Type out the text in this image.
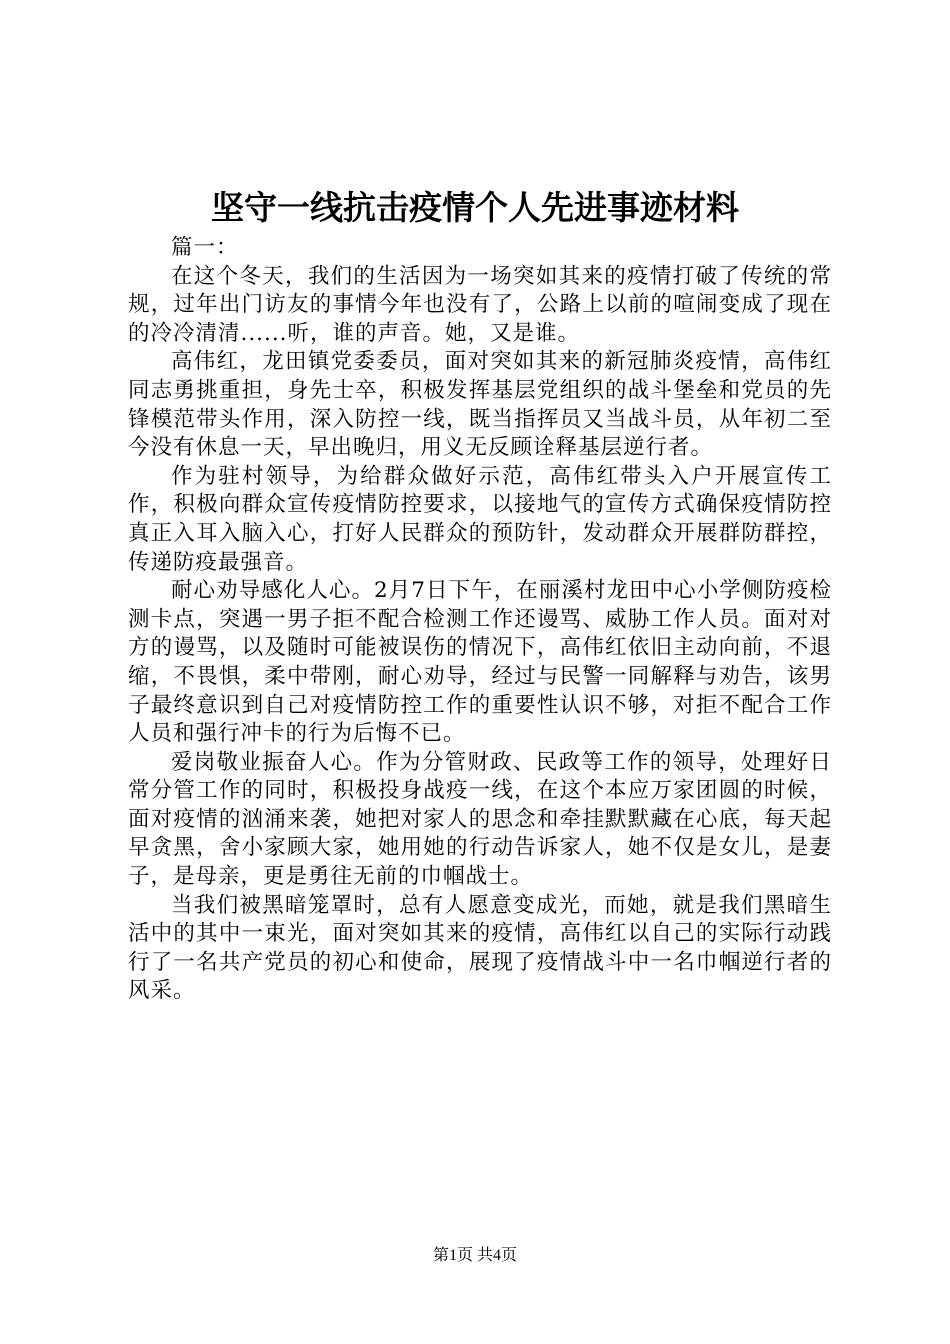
坚守一线抗击疫情个人先进事迹材料

篇一：

在这个冬天，我们的生活因为一场突如其来的疫情打破了传统的常规，过年出门访友的事情今年也没有了，公路上以前的喧闹变成了现在的冷冷清清......听，谁的声音。她，又是谁。

高伟红，龙田镇党委委员，面对突如其来的新冠肺炎疫情，高伟红同志勇挑重担，身先士卒，积极发挥基层党组织的战斗堡垒和党员的先锋模范带头作用，深入防控一线，既当指挥员又当战斗员，从年初二至今没有休息一天，早出晚归，用义无反顾诠释基层逆行者。

作为驻村领导，为给群众做好示范，高伟红带头入户开展宣传工作，积极向群众宣传疫情防控要求，以接地气的宣传方式确保疫情防控真正入耳入脑入心，打好人民群众的预防针，发动群众开展群防群控，传递防疫最强音。

耐心劝导感化人心。2月7日下午，在丽溪村龙田中心小学侧防疫检测卡点，突遇一男子拒不配合检测工作还谩骂、威胁工作人员。面对对方的谩骂，以及随时可能被误伤的情况下，高伟红依旧主动向前，不退缩，不畏惧，柔中带刚，耐心劝导，经过与民警一同解释与劝告，该男子最终意识到自己对疫情防控工作的重要性认识不够，对拒不配合工作人员和强行冲卡的行为后悔不已。

爱岗敬业振奋人心。作为分管财政、民政等工作的领导，处理好日常分管工作的同时，积极投身战疫一线，在这个本应万家团圆的时候，面对疫情的汹涌来袭，她把对家人的思念和牵挂默默藏在心底，每天起早贪黑，舍小家顾大家，她用她的行动告诉家人，她不仅是女儿，是妻子，是母亲，更是勇往无前的巾帼战士。

当我们被黑暗笼罩时，总有人愿意变成光，而她，就是我们黑暗生活中的其中一束光，面对突如其来的疫情，高伟红以自己的实际行动践行了一名共产党员的初心和使命，展现了疫情战斗中一名巾帼逆行者的风采。

第1页 共4页
